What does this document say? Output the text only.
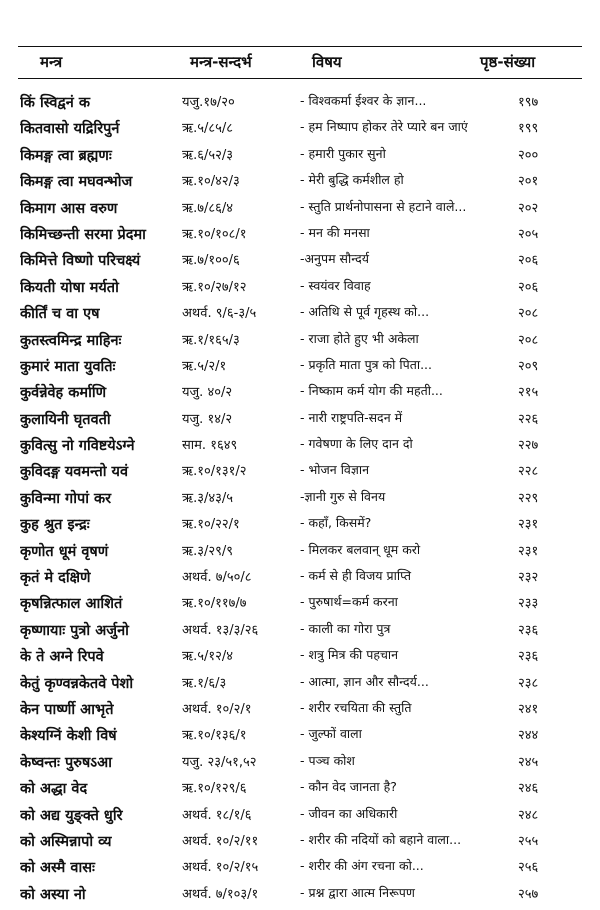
मन्त्र	मन्त्र-सन्दर्भ	विषय	पृष्ठ-संख्या
किं स्विद्वनं क	यजु.१७/२०	- विश्वकर्मा ईश्वर के ज्ञान...	१९७
कितवासो यद्रिरिपुर्न	ऋ.५/८५/८	- हम निष्पाप होकर तेरे प्यारे बन जाएं	१९९
किमङ्ग त्वा ब्रह्मणः	ऋ.६/५२/३	- हमारी पुकार सुनो	२००
किमङ्ग त्वा मघवन्भोज	ऋ.१०/४२/३	- मेरी बुद्धि कर्मशील हो	२०१
किमाग आस वरुण	ऋ.७/८६/४	- स्तुति प्रार्थनोपासना से हटाने वाले...	२०२
किमिच्छन्ती सरमा प्रेदमा	ऋ.१०/१०८/१	- मन की मनसा	२०५
किमित्ते विष्णो परिचक्ष्यं	ऋ.७/१००/६	-अनुपम सौन्दर्य	२०६
कियती योषा मर्यतो	ऋ.१०/२७/१२	- स्वयंवर विवाह	२०६
कीर्तिं च वा एष	अथर्व. ९/६-३/५	- अतिथि से पूर्व गृहस्थ को...	२०८
कुतस्त्वमिन्द्र माहिनः	ऋ.१/१६५/३	- राजा होते हुए भी अकेला	२०८
कुमारं माता युवतिः	ऋ.५/२/१	- प्रकृति माता पुत्र को पिता...	२०९
कुर्वन्नेवेह कर्माणि	यजु. ४०/२	- निष्काम कर्म योग की महती...	२१५
कुलायिनी घृतवती	यजु. १४/२	- नारी राष्ट्रपति-सदन में	२२६
कुवित्सु नो गविष्टयेऽग्ने	साम. १६४९	- गवेषणा के लिए दान दो	२२७
कुविदङ्ग यवमन्तो यवं	ऋ.१०/१३१/२	- भोजन विज्ञान	२२८
कुविन्मा गोपां कर	ऋ.३/४३/५	-ज्ञानी गुरु से विनय	२२९
कुह श्रुत इन्द्रः	ऋ.१०/२२/१	- कहाँ, किसमें?	२३१
कृणोत धूमं वृषणं	ऋ.३/२९/९	- मिलकर बलवान् धूम करो	२३१
कृतं मे दक्षिणे	अथर्व. ७/५०/८	- कर्म से ही विजय प्राप्ति	२३२
कृषन्नित्फाल आशितं	ऋ.१०/११७/७	- पुरुषार्थ=कर्म करना	२३३
कृष्णायाः पुत्रो अर्जुनो	अथर्व. १३/३/२६	- काली का गोरा पुत्र	२३६
के ते अग्ने रिपवे	ऋ.५/१२/४	- शत्रु मित्र की पहचान	२३६
केतुं कृण्वन्नकेतवे पेशो	ऋ.१/६/३	- आत्मा, ज्ञान और सौन्दर्य...	२३८
केन पार्ष्णी आभृते	अथर्व. १०/२/१	- शरीर रचयिता की स्तुति	२४१
केश्यग्निं केशी विषं	ऋ.१०/१३६/१	- जुल्फों वाला	२४४
केष्वन्तः पुरुषऽआ	यजु. २३/५१,५२	- पञ्च कोश	२४५
को अद्धा वेद	ऋ.१०/१२९/६	- कौन वेद जानता है?	२४६
को अद्य युङ्क्ते धुरि	अथर्व. १८/१/६	- जीवन का अधिकारी	२४८
को अस्मिन्नापो व्य	अथर्व. १०/२/११	- शरीर की नदियों को बहाने वाला...	२५५
को अस्मै वासः	अथर्व. १०/२/१५	- शरीर की अंग रचना को...	२५६
को अस्या नो	अथर्व. ७/१०३/१	- प्रश्न द्वारा आत्म निरूपण	२५७
